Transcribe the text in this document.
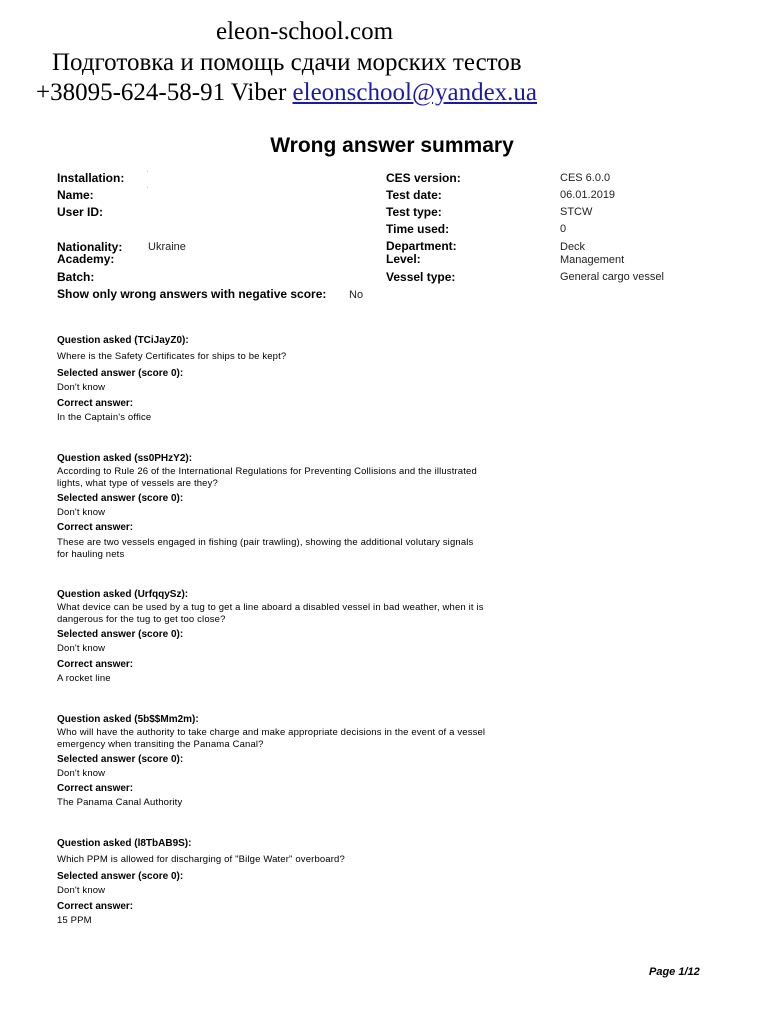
eleon-school.com
Подготовка и помощь сдачи морских тестов
+38095-624-58-91 Viber eleonschool@yandex.ua
Wrong answer summary
Installation:	'
Name:	'
User ID:
Nationality: Ukraine
Academy:
Batch:
Show only wrong answers with negative score: No
CES version:	CES 6.0.0
Test date:	06.01.2019
Test type:	STCW
Time used:	0
Department:	Deck
Level:	Management
Vessel type:	General cargo vessel
Question asked (TCiJayZ0):
Where is the Safety Certificates for ships to be kept?
Selected answer (score 0):
Don't know
Correct answer:
In the Captain's office
Question asked (ss0PHzY2):
According to Rule 26 of the International Regulations for Preventing Collisions and the illustrated lights, what type of vessels are they?
Selected answer (score 0):
Don't know
Correct answer:
These are two vessels engaged in fishing (pair trawling), showing the additional volutary signals for hauling nets
Question asked (UrfqqySz):
What device can be used by a tug to get a line aboard a disabled vessel in bad weather, when it is dangerous for the tug to get too close?
Selected answer (score 0):
Don't know
Correct answer:
A rocket line
Question asked (5b$$Mm2m):
Who will have the authority to take charge and make appropriate decisions in the event of a vessel emergency when transiting the Panama Canal?
Selected answer (score 0):
Don't know
Correct answer:
The Panama Canal Authority
Question asked (l8TbAB9S):
Which PPM is allowed for discharging of "Bilge Water" overboard?
Selected answer (score 0):
Don't know
Correct answer:
15 PPM
Page 1/12
